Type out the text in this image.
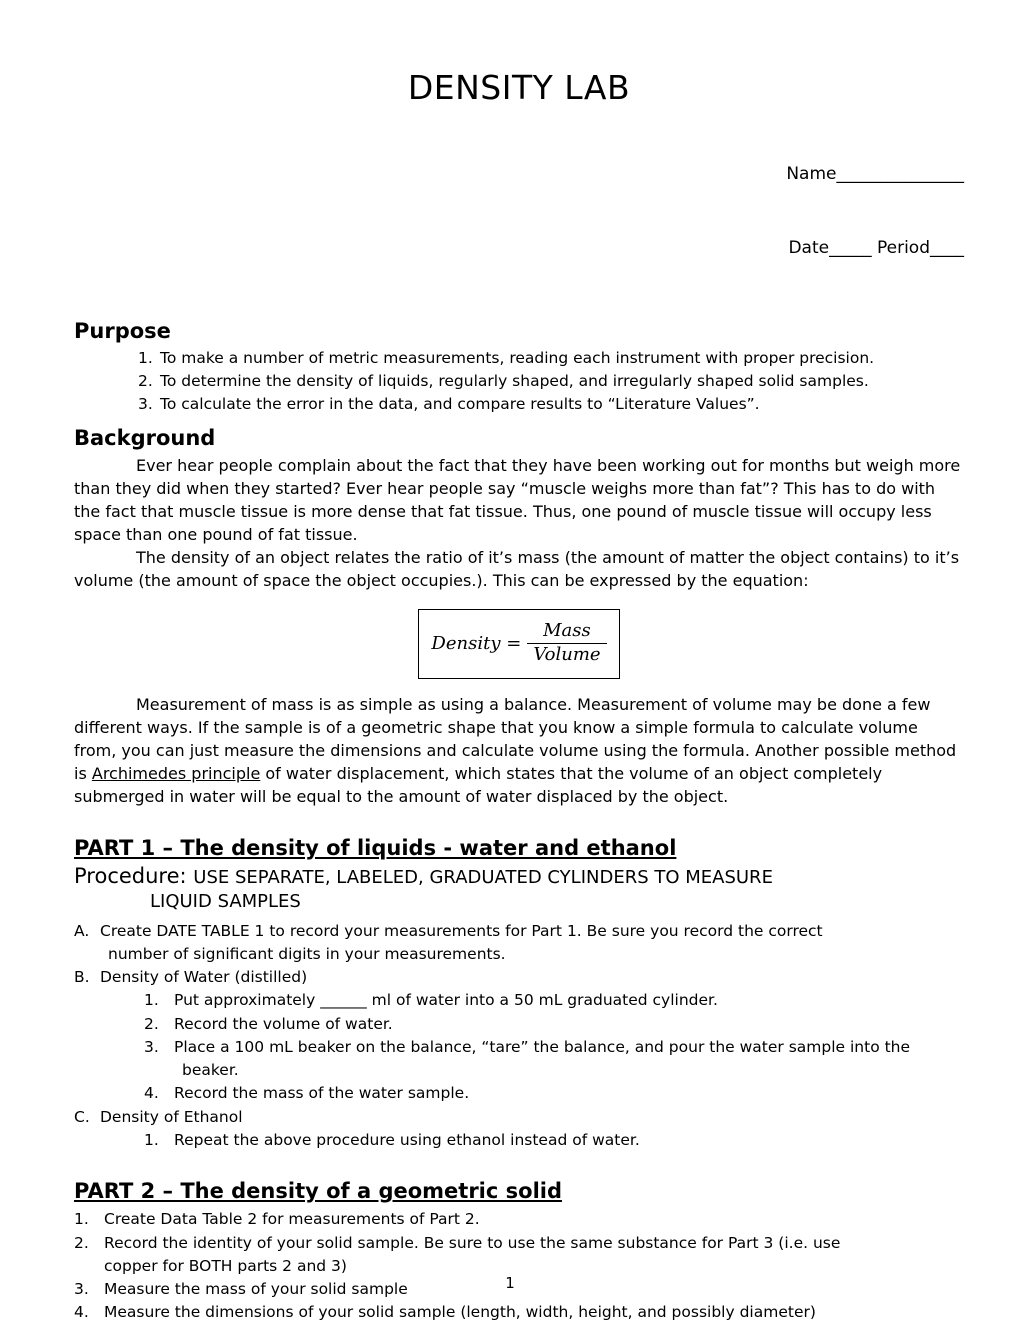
DENSITY LAB

Name_______________

Date_____ Period____

Purpose
1. To make a number of metric measurements, reading each instrument with proper precision.
2. To determine the density of liquids, regularly shaped, and irregularly shaped solid samples.
3. To calculate the error in the data, and compare results to “Literature Values”.
Background

Ever hear people complain about the fact that they have been working out for months but weigh more than they did when they started? Ever hear people say “muscle weighs more than fat”? This has to do with the fact that muscle tissue is more dense that fat tissue. Thus, one pound of muscle tissue will occupy less space than one pound of fat tissue.

The density of an object relates the ratio of it’s mass (the amount of matter the object contains) to it’s volume (the amount of space the object occupies.). This can be expressed by the equation:

Density = $\frac{\text{Mass}}{\text{Volume}}$

Measurement of mass is as simple as using a balance. Measurement of volume may be done a few different ways. If the sample is of a geometric shape that you know a simple formula to calculate volume from, you can just measure the dimensions and calculate volume using the formula. Another possible method is Archimedes principle of water displacement, which states that the volume of an object completely submerged in water will be equal to the amount of water displaced by the object.

PART 1 – The density of liquids - water and ethanol
Procedure: USE SEPARATE, LABELED, GRADUATED CYLINDERS TO MEASURE
LIQUID SAMPLES
A. Create DATE TABLE 1 to record your measurements for Part 1. Be sure you record the correct
number of significant digits in your measurements.
B. Density of Water (distilled)
1. Put approximately ______ ml of water into a 50 mL graduated cylinder.
2. Record the volume of water.
3. Place a 100 mL beaker on the balance, “tare” the balance, and pour the water sample into the
beaker.
4. Record the mass of the water sample.
C. Density of Ethanol
1. Repeat the above procedure using ethanol instead of water.
PART 2 – The density of a geometric solid
1. Create Data Table 2 for measurements of Part 2.
2. Record the identity of your solid sample. Be sure to use the same substance for Part 3 (i.e. use
copper for BOTH parts 2 and 3)
3. Measure the mass of your solid sample
4. Measure the dimensions of your solid sample (length, width, height, and possibly diameter)
1
